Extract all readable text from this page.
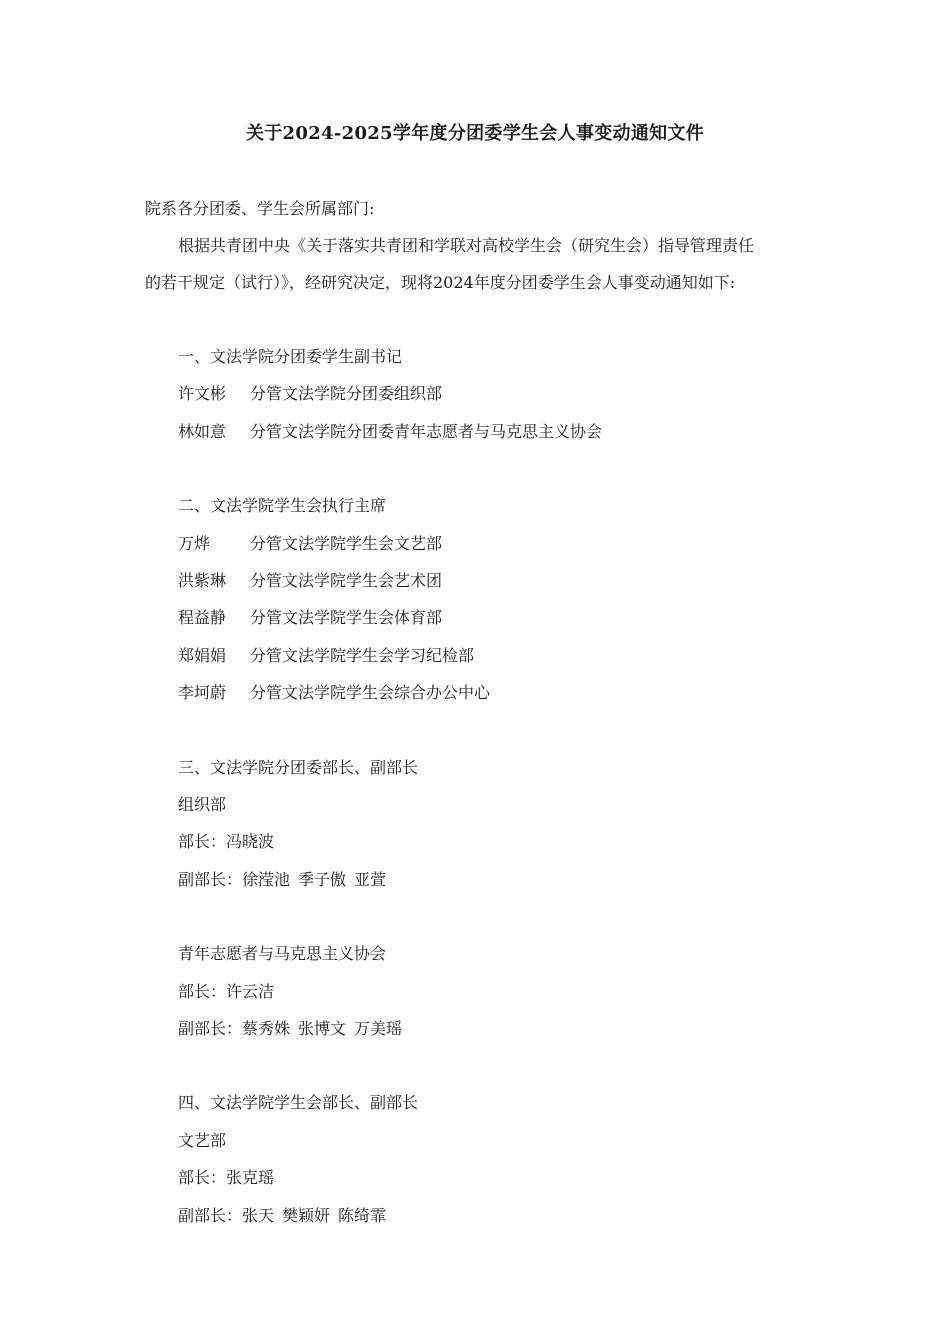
关于2024-2025学年度分团委学生会人事变动通知文件
院系各分团委、学生会所属部门:
根据共青团中央《关于落实共青团和学联对高校学生会（研究生会）指导管理责任
的若干规定（试行）》，经研究决定，现将2024年度分团委学生会人事变动通知如下:
一、文法学院分团委学生副书记
许文彬 分管文法学院分团委组织部
林如意 分管文法学院分团委青年志愿者与马克思主义协会
二、文法学院学生会执行主席
万烨 分管文法学院学生会文艺部
洪紫琳 分管文法学院学生会艺术团
程益静 分管文法学院学生会体育部
郑娟娟 分管文法学院学生会学习纪检部
李坷蔚 分管文法学院学生会综合办公中心
三、文法学院分团委部长、副部长
组织部
部长：冯晓波
副部长：徐滢池 季子傲 亚萱
青年志愿者与马克思主义协会
部长：许云洁
副部长：蔡秀姝 张博文 万美瑶
四、文法学院学生会部长、副部长
文艺部
部长：张克瑶
副部长：张天 樊颖妍 陈绮霏
